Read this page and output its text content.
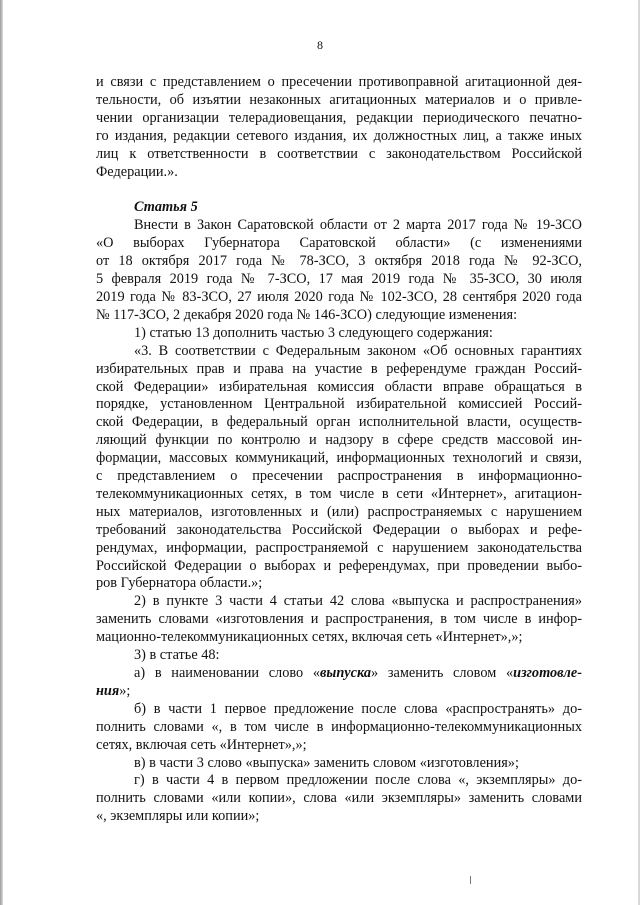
8
и связи с представлением о пресечении противоправной агитационной дея-
тельности, об изъятии незаконных агитационных материалов и о привле-
чении организации телерадиовещания, редакции периодического печатно-
го издания, редакции сетевого издания, их должностных лиц, а также иных
лиц к ответственности в соответствии с законодательством Российской
Федерации.».
Статья 5
Внести в Закон Саратовской области от 2 марта 2017 года № 19-ЗСО
«О выборах Губернатора Саратовской области» (с изменениями
от 18 октября 2017 года № 78-ЗСО, 3 октября 2018 года № 92-ЗСО,
5 февраля 2019 года № 7-ЗСО, 17 мая 2019 года № 35-ЗСО, 30 июля
2019 года № 83-ЗСО, 27 июля 2020 года № 102-ЗСО, 28 сентября 2020 года
№ 117-ЗСО, 2 декабря 2020 года № 146-ЗСО) следующие изменения:
1) статью 13 дополнить частью 3 следующего содержания:
«3. В соответствии с Федеральным законом «Об основных гарантиях
избирательных прав и права на участие в референдуме граждан Россий-
ской Федерации» избирательная комиссия области вправе обращаться в
порядке, установленном Центральной избирательной комиссией Россий-
ской Федерации, в федеральный орган исполнительной власти, осуществ-
ляющий функции по контролю и надзору в сфере средств массовой ин-
формации, массовых коммуникаций, информационных технологий и связи,
с представлением о пресечении распространения в информационно-
телекоммуникационных сетях, в том числе в сети «Интернет», агитацион-
ных материалов, изготовленных и (или) распространяемых с нарушением
требований законодательства Российской Федерации о выборах и рефе-
рендумах, информации, распространяемой с нарушением законодательства
Российской Федерации о выборах и референдумах, при проведении выбо-
ров Губернатора области.»;
2) в пункте 3 части 4 статьи 42 слова «выпуска и распространения»
заменить словами «изготовления и распространения, в том числе в инфор-
мационно-телекоммуникационных сетях, включая сеть «Интернет»,»;
3) в статье 48:
а) в наименовании слово «выпуска» заменить словом «изготовле-
ния»;
б) в части 1 первое предложение после слова «распространять» до-
полнить словами «, в том числе в информационно-телекоммуникационных
сетях, включая сеть «Интернет»,»;
в) в части 3 слово «выпуска» заменить словом «изготовления»;
г) в части 4 в первом предложении после слова «, экземпляры» до-
полнить словами «или копии», слова «или экземпляры» заменить словами
«, экземпляры или копии»;
